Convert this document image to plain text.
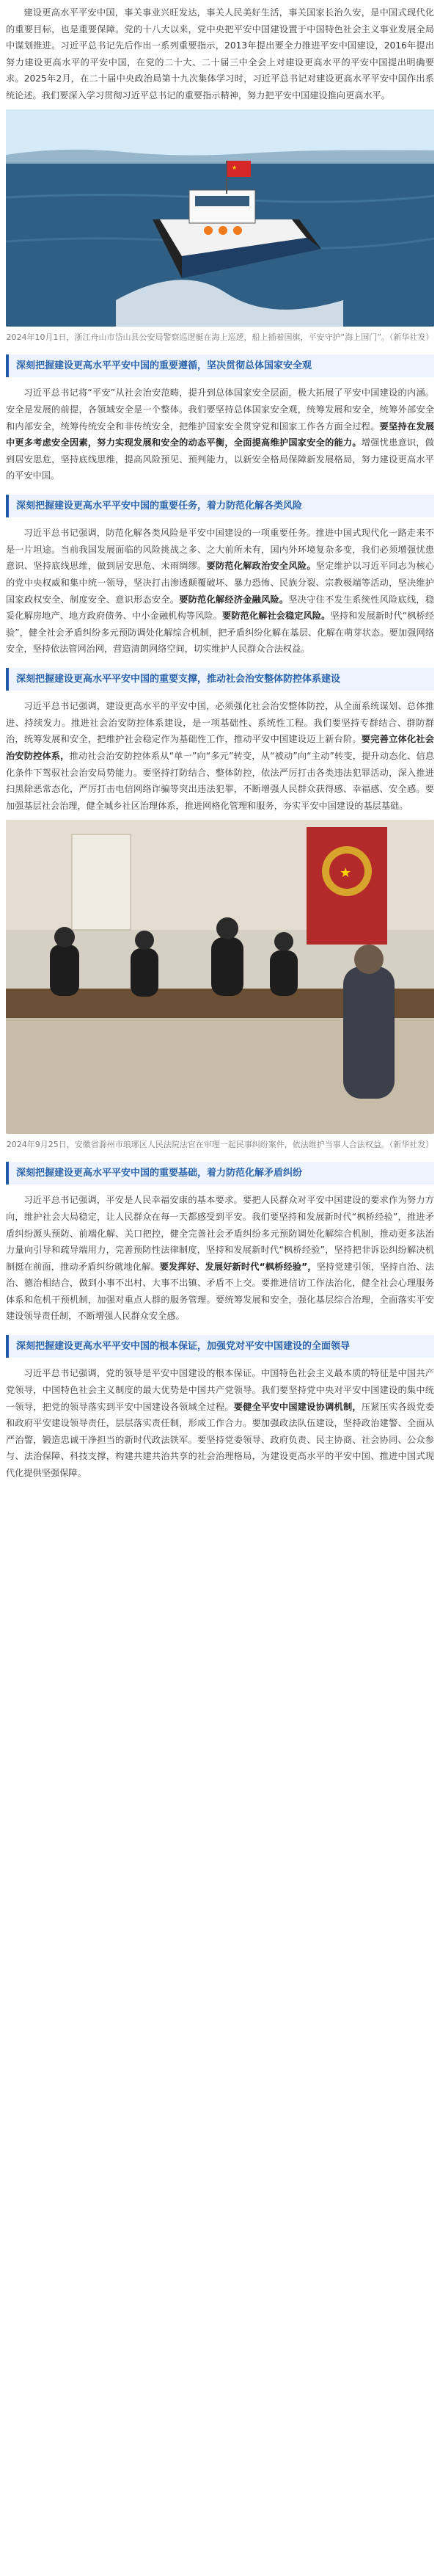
建设更高水平平安中国，事关事业兴旺发达，事关人民美好生活，事关国家长治久安，是中国式现代化的重要目标，也是重要保障。党的十八大以来，党中央把平安中国建设置于中国特色社会主义事业发展全局中谋划推进。习近平总书记先后作出一系列重要指示，2013年提出要全力推进平安中国建设，2016年提出努力建设更高水平的平安中国，在党的二十大、二十届三中全会上对建设更高水平的平安中国提出明确要求。2025年2月，在二十届中央政治局第十九次集体学习时，习近平总书记对建设更高水平平安中国作出系统论述。我们要深入学习贯彻习近平总书记的重要指示精神，努力把平安中国建设推向更高水平。

★
2024年10月1日，浙江舟山市岱山县公安局警察巡逻艇在海上巡逻，船上插着国旗，平安守护“海上国门”。（新华社发）
深刻把握建设更高水平平安中国的重要遵循，坚决贯彻总体国家安全观

习近平总书记将“平安”从社会治安范畴，提升到总体国家安全层面，极大拓展了平安中国建设的内涵。安全是发展的前提，各领域安全是一个整体。我们要坚持总体国家安全观，统筹发展和安全，统筹外部安全和内部安全，统筹传统安全和非传统安全，把维护国家安全贯穿党和国家工作各方面全过程。要坚持在发展中更多考虑安全因素，努力实现发展和安全的动态平衡，全面提高维护国家安全的能力。增强忧患意识，做到居安思危，坚持底线思维，提高风险预见、预判能力，以新安全格局保障新发展格局，努力建设更高水平的平安中国。

深刻把握建设更高水平平安中国的重要任务，着力防范化解各类风险

习近平总书记强调，防范化解各类风险是平安中国建设的一项重要任务。推进中国式现代化一路走来不是一片坦途。当前我国发展面临的风险挑战之多、之大前所未有，国内外环境复杂多变，我们必须增强忧患意识、坚持底线思维，做到居安思危、未雨绸缪。要防范化解政治安全风险。坚定维护以习近平同志为核心的党中央权威和集中统一领导，坚决打击渗透颠覆破坏、暴力恐怖、民族分裂、宗教极端等活动，坚决维护国家政权安全、制度安全、意识形态安全。要防范化解经济金融风险。坚决守住不发生系统性风险底线，稳妥化解房地产、地方政府债务、中小金融机构等风险。要防范化解社会稳定风险。坚持和发展新时代“枫桥经验”，健全社会矛盾纠纷多元预防调处化解综合机制，把矛盾纠纷化解在基层、化解在萌芽状态。要加强网络安全，坚持依法管网治网，营造清朗网络空间，切实维护人民群众合法权益。

深刻把握建设更高水平平安中国的重要支撑，推动社会治安整体防控体系建设

习近平总书记强调，建设更高水平的平安中国，必须强化社会治安整体防控，从全面系统谋划、总体推进、持续发力。推进社会治安防控体系建设，是一项基础性、系统性工程。我们要坚持专群结合、群防群治，统筹发展和安全，把维护社会稳定作为基础性工作，推动平安中国建设迈上新台阶。要完善立体化社会治安防控体系，推动社会治安防控体系从“单一”向“多元”转变，从“被动”向“主动”转变，提升动态化、信息化条件下驾驭社会治安局势能力。要坚持打防结合、整体防控，依法严厉打击各类违法犯罪活动，深入推进扫黑除恶常态化，严厉打击电信网络诈骗等突出违法犯罪，不断增强人民群众获得感、幸福感、安全感。要加强基层社会治理，健全城乡社区治理体系，推进网格化管理和服务，夯实平安中国建设的基层基础。

★
2024年9月25日，安徽省滁州市琅琊区人民法院法官在审理一起民事纠纷案件，依法维护当事人合法权益。（新华社发）
深刻把握建设更高水平平安中国的重要基础，着力防范化解矛盾纠纷

习近平总书记强调，平安是人民幸福安康的基本要求。要把人民群众对平安中国建设的要求作为努力方向，维护社会大局稳定，让人民群众在每一天都感受到平安。我们要坚持和发展新时代“枫桥经验”，推进矛盾纠纷源头预防、前端化解、关口把控，健全完善社会矛盾纠纷多元预防调处化解综合机制，推动更多法治力量向引导和疏导端用力，完善预防性法律制度，坚持和发展新时代“枫桥经验”，坚持把非诉讼纠纷解决机制挺在前面，推动矛盾纠纷就地化解。要发挥好、发展好新时代“枫桥经验”，坚持党建引领，坚持自治、法治、德治相结合，做到小事不出村、大事不出镇、矛盾不上交。要推进信访工作法治化，健全社会心理服务体系和危机干预机制，加强对重点人群的服务管理。要统筹发展和安全，强化基层综合治理，全面落实平安建设领导责任制，不断增强人民群众安全感。

深刻把握建设更高水平平安中国的根本保证，加强党对平安中国建设的全面领导

习近平总书记强调，党的领导是平安中国建设的根本保证。中国特色社会主义最本质的特征是中国共产党领导，中国特色社会主义制度的最大优势是中国共产党领导。我们要坚持党中央对平安中国建设的集中统一领导，把党的领导落实到平安中国建设各领域全过程。要健全平安中国建设协调机制，压紧压实各级党委和政府平安建设领导责任，层层落实责任制，形成工作合力。要加强政法队伍建设，坚持政治建警、全面从严治警，锻造忠诚干净担当的新时代政法铁军。要坚持党委领导、政府负责、民主协商、社会协同、公众参与、法治保障、科技支撑，构建共建共治共享的社会治理格局，为建设更高水平的平安中国、推进中国式现代化提供坚强保障。
